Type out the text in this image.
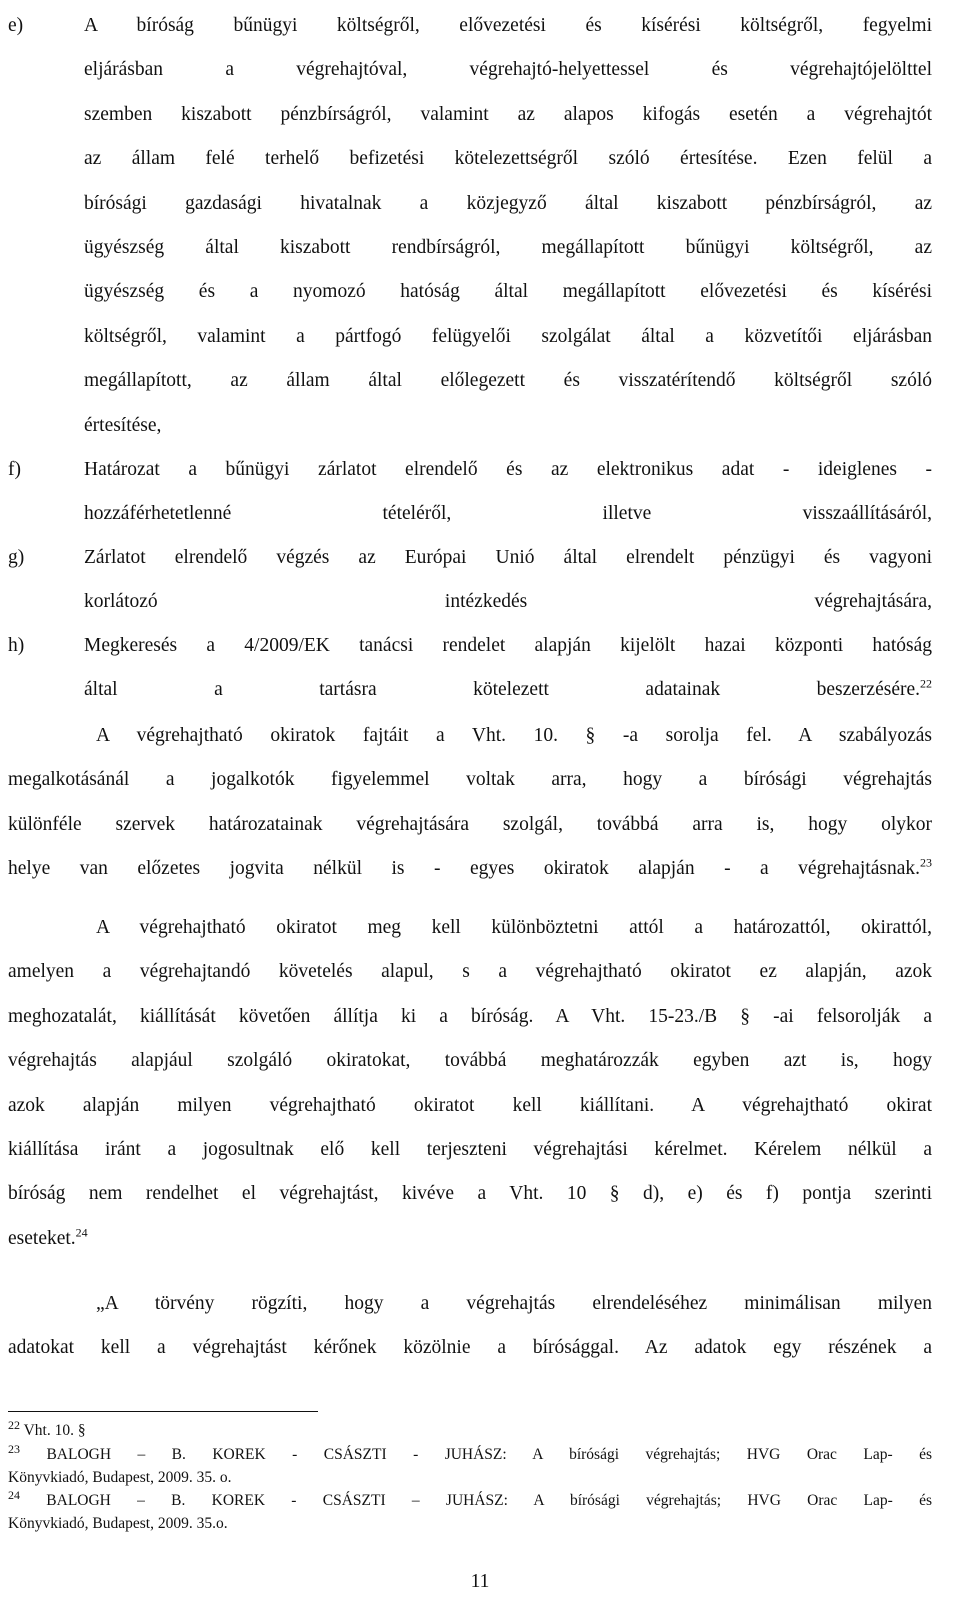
e)	A bíróság bűnügyi költségről, elővezetési és kísérési költségről, fegyelmi
eljárásban a végrehajtóval, végrehajtó-helyettessel és végrehajtójelölttel
szemben kiszabott pénzbírságról, valamint az alapos kifogás esetén a végrehajtót
az állam felé terhelő befizetési kötelezettségről szóló értesítése. Ezen felül a
bírósági gazdasági hivatalnak a közjegyző által kiszabott pénzbírságról, az
ügyészség által kiszabott rendbírságról, megállapított bűnügyi költségről, az
ügyészség és a nyomozó hatóság által megállapított elővezetési és kísérési
költségről, valamint a pártfogó felügyelői szolgálat által a közvetítői eljárásban
megállapított, az állam által előlegezett és visszatérítendő költségről szóló
értesítése,
f)	Határozat a bűnügyi zárlatot elrendelő és az elektronikus adat - ideiglenes -
hozzáférhetetlenné tételéről, illetve visszaállításáról,
g)	Zárlatot elrendelő végzés az Európai Unió által elrendelt pénzügyi és vagyoni
korlátozó intézkedés végrehajtására,
h)	Megkeresés a 4/2009/EK tanácsi rendelet alapján kijelölt hazai központi hatóság
által a tartásra kötelezett adatainak beszerzésére.$^{22}$
A végrehajtható okiratok fajtáit a Vht. 10. § -a sorolja fel. A szabályozás
megalkotásánál a jogalkotók figyelemmel voltak arra, hogy a bírósági végrehajtás
különféle szervek határozatainak végrehajtására szolgál, továbbá arra is, hogy olykor
helye van előzetes jogvita nélkül is - egyes okiratok alapján - a végrehajtásnak.$^{23}$
A végrehajtható okiratot meg kell különböztetni attól a határozattól, okirattól,
amelyen a végrehajtandó követelés alapul, s a végrehajtható okiratot ez alapján, azok
meghozatalát, kiállítását követően állítja ki a bíróság. A Vht. 15-23./B § -ai felsorolják a
végrehajtás alapjául szolgáló okiratokat, továbbá meghatározzák egyben azt is, hogy
azok alapján milyen végrehajtható okiratot kell kiállítani. A végrehajtható okirat
kiállítása iránt a jogosultnak elő kell terjeszteni végrehajtási kérelmet. Kérelem nélkül a
bíróság nem rendelhet el végrehajtást, kivéve a Vht. 10 § d), e) és f) pontja szerinti
eseteket.$^{24}$
„A törvény rögzíti, hogy a végrehajtás elrendeléséhez minimálisan milyen
adatokat kell a végrehajtást kérőnek közölnie a bírósággal. Az adatok egy részének a
$^{22}$ Vht. 10. §
$^{23}$ BALOGH – B. KOREK - CSÁSZTI - JUHÁSZ: A bírósági végrehajtás; HVG Orac Lap- és
Könyvkiadó, Budapest, 2009. 35. o.
$^{24}$ BALOGH – B. KOREK - CSÁSZTI – JUHÁSZ: A bírósági végrehajtás; HVG Orac Lap- és
Könyvkiadó, Budapest, 2009. 35.o.
11
